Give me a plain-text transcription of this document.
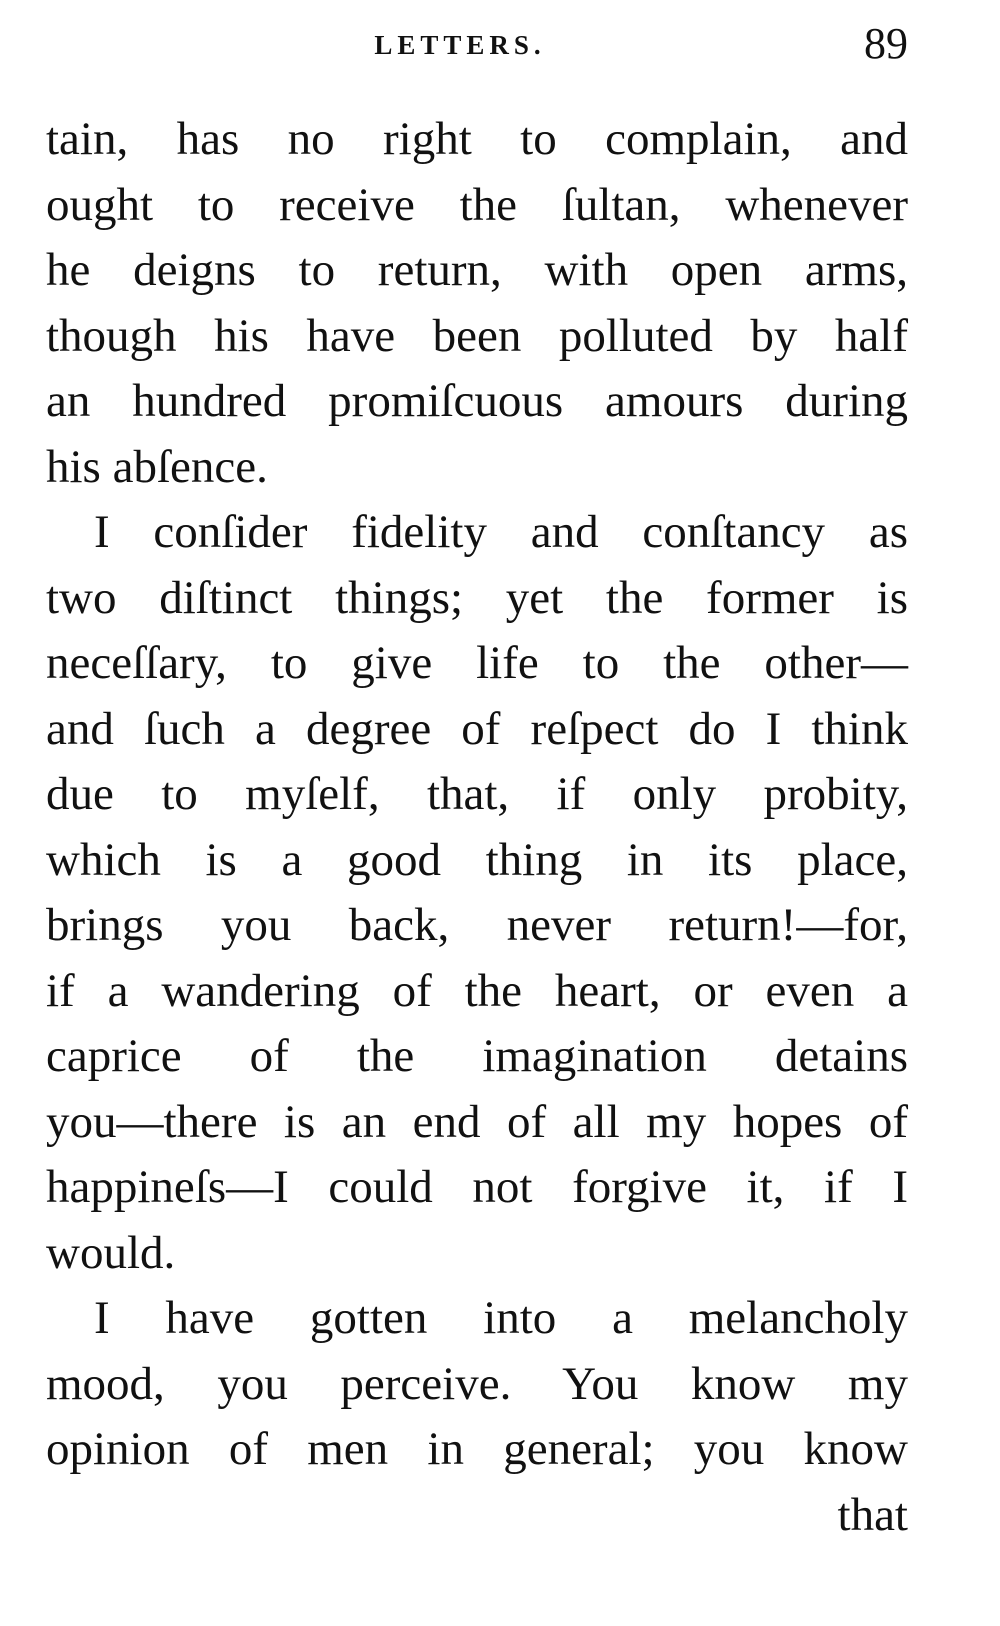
LETTERS.	89
tain, has no right to complain, and
ought to receive the ſultan, whenever
he deigns to return, with open arms,
though his have been polluted by half
an hundred promiſcuous amours during
his abſence.
I conſider fidelity and conſtancy as
two diſtinct things; yet the former is
neceſſary, to give life to the other—
and ſuch a degree of reſpect do I think
due to myſelf, that, if only probity,
which is a good thing in its place,
brings you back, never return!—for,
if a wandering of the heart, or even a
caprice of the imagination detains
you—there is an end of all my hopes of
happineſs—I could not forgive it, if I
would.
I have gotten into a melancholy
mood, you perceive. You know my
opinion of men in general; you know
that
